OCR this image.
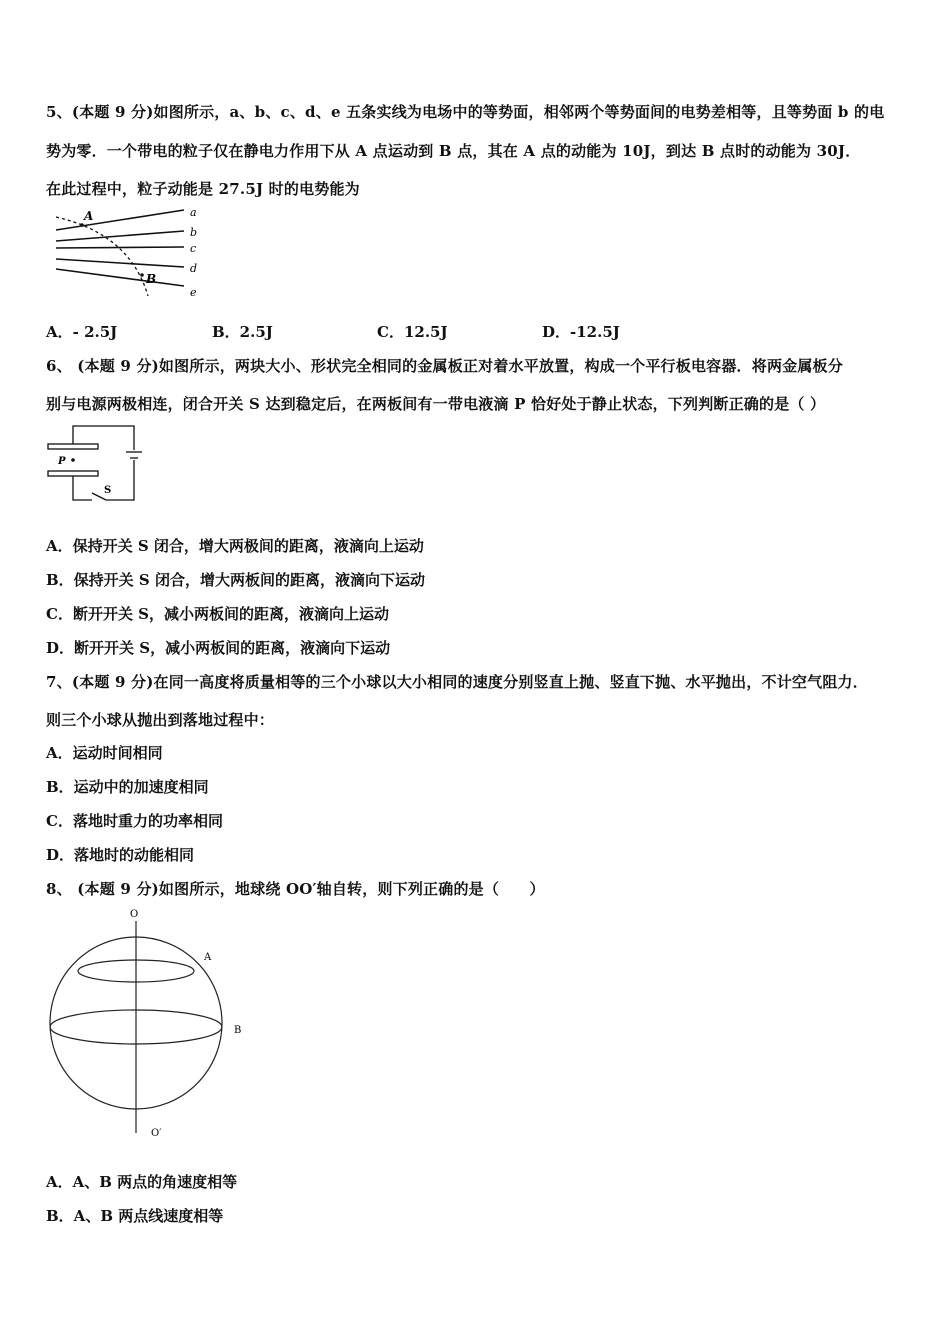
5、(本题 9 分)如图所示，a、b、c、d、e 五条实线为电场中的等势面，相邻两个等势面间的电势差相等，且等势面 b 的电
势为零．一个带电的粒子仅在静电力作用下从 A 点运动到 B 点，其在 A 点的动能为 10J，到达 B 点时的动能为 30J．
在此过程中，粒子动能是 27.5J 时的电势能为
A
B
a
b
c
d
e
A．- 2.5J	B．2.5J	C．12.5J	D．-12.5J
6、 (本题 9 分)如图所示，两块大小、形状完全相同的金属板正对着水平放置，构成一个平行板电容器．将两金属板分
别与电源两极相连，闭合开关 S 达到稳定后，在两板间有一带电液滴 P 恰好处于静止状态，下列判断正确的是（ ）
P
S
A．保持开关 S 闭合，增大两极间的距离，液滴向上运动
B．保持开关 S 闭合，增大两板间的距离，液滴向下运动
C．断开开关 S，减小两板间的距离，液滴向上运动
D．断开开关 S，减小两板间的距离，液滴向下运动
7、(本题 9 分)在同一高度将质量相等的三个小球以大小相同的速度分别竖直上抛、竖直下抛、水平抛出，不计空气阻力．
则三个小球从抛出到落地过程中：
A．运动时间相同
B．运动中的加速度相同
C．落地时重力的功率相同
D．落地时的动能相同
8、 (本题 9 分)如图所示，地球绕 OO′轴自转，则下列正确的是（　　）
O
O′
A
B
A．A、B 两点的角速度相等
B．A、B 两点线速度相等
